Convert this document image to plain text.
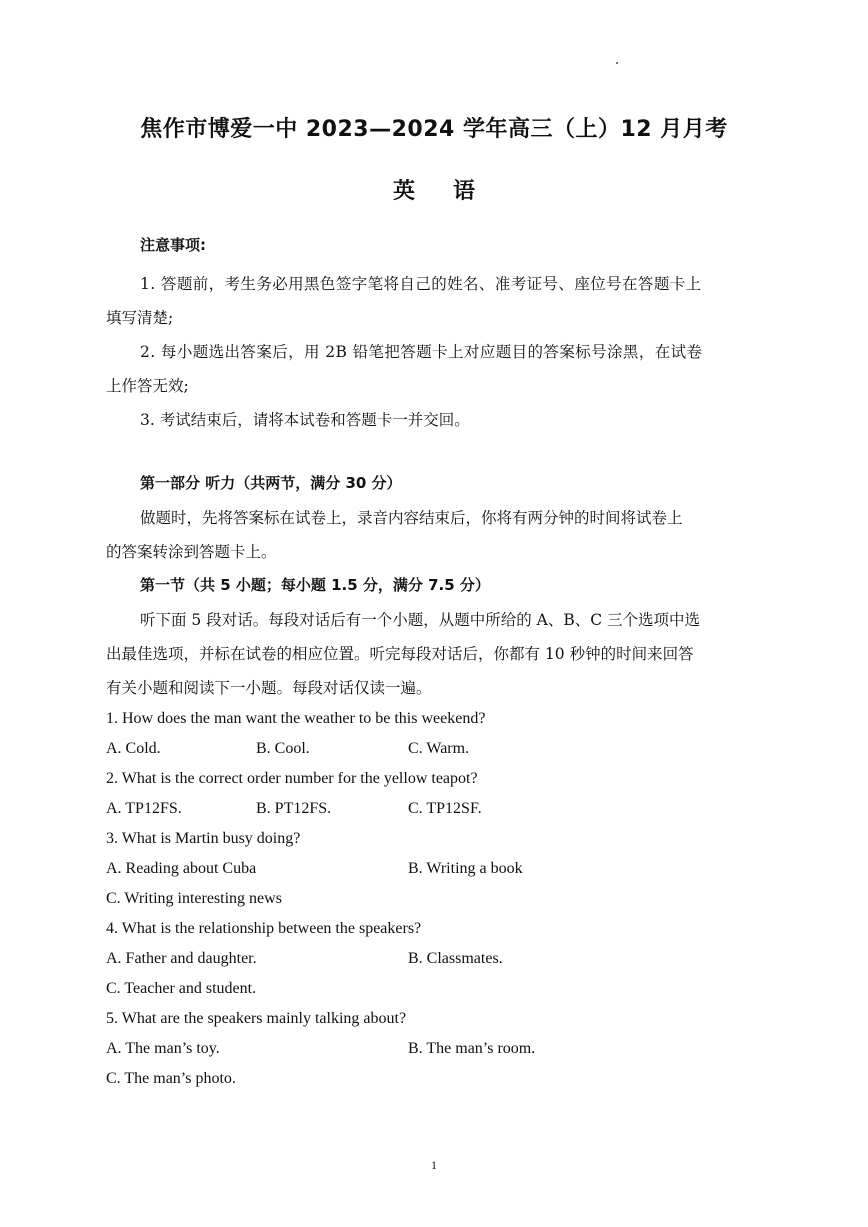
焦作市博爱一中 2023—2024 学年高三（上）12 月月考
英语
注意事项:
1. 答题前，考生务必用黑色签字笔将自己的姓名、准考证号、座位号在答题卡上
填写清楚;
2. 每小题选出答案后，用 2B 铅笔把答题卡上对应题目的答案标号涂黑，在试卷
上作答无效;
3. 考试结束后，请将本试卷和答题卡一并交回。
第一部分 听力（共两节，满分 30 分）
做题时，先将答案标在试卷上，录音内容结束后，你将有两分钟的时间将试卷上
的答案转涂到答题卡上。
第一节（共 5 小题；每小题 1.5 分，满分 7.5 分）
听下面 5 段对话。每段对话后有一个小题，从题中所给的 A、B、C 三个选项中选
出最佳选项，并标在试卷的相应位置。听完每段对话后，你都有 10 秒钟的时间来回答
有关小题和阅读下一小题。每段对话仅读一遍。
1. How does the man want the weather to be this weekend?
A. Cold.	B. Cool.	C. Warm.
2. What is the correct order number for the yellow teapot?
A. TP12FS.	B. PT12FS.	C. TP12SF.
3. What is Martin busy doing?
A. Reading about Cuba	B. Writing a book
C. Writing interesting news
4. What is the relationship between the speakers?
A. Father and daughter.	B. Classmates.
C. Teacher and student.
5. What are the speakers mainly talking about?
A. The man’s toy.	B. The man’s room.
C. The man’s photo.
1
